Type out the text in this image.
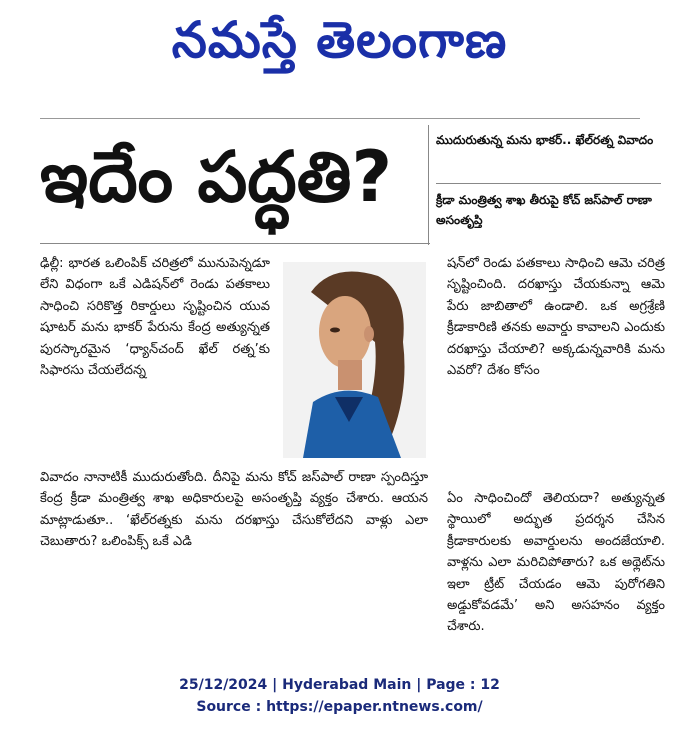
నమస్తే తెలంగాణ
ఇదేం పద్ధతి?	ముదురుతున్న మను భాకర్.. ఖేల్‌రత్న వివాదం
క్రీడా మంత్రిత్వ శాఖ తీరుపై కోచ్ జస్‌పాల్ రాణా అసంతృప్తి

ఢిల్లీ: భారత ఒలింపిక్ చరిత్రలో మునుపెన్నడూ లేని విధంగా ఒకే ఎడిషన్‌లో రెండు పతకాలు సాధించి సరికొత్త రికార్డులు సృష్టించిన యువ షూటర్ మను భాకర్ పేరును కేంద్ర అత్యున్నత పురస్కారమైన ‘ధ్యాన్‌చంద్ ఖేల్ రత్న’కు సిఫారసు చేయలేదన్న

వివాదం నానాటికీ ముదురుతోంది. దీనిపై మను కోచ్ జస్‌పాల్ రాణా స్పందిస్తూ కేంద్ర క్రీడా మంత్రిత్వ శాఖ అధికారులపై అసంతృప్తి వ్యక్తం చేశారు. ఆయన మాట్లాడుతూ.. ‘ఖేల్‌రత్నకు మను దరఖాస్తు చేసుకోలేదని వాళ్లు ఎలా చెబుతారు? ఒలింపిక్స్ ఒకే ఎడి

షన్‌లో రెండు పతకాలు సాధించి ఆమె చరిత్ర సృష్టించింది. దరఖాస్తు చేయకున్నా ఆమె పేరు జాబితాలో ఉండాలి. ఒక అగ్రశ్రేణి క్రీడాకారిణి తనకు అవార్డు కావాలని ఎందుకు దరఖాస్తు చేయాలి? అక్కడున్నవారికి మను ఎవరో? దేశం కోసం

ఏం సాధించిందో తెలియదా? అత్యున్నత స్థాయిలో అద్భుత ప్రదర్శన చేసిన క్రీడాకారులకు అవార్డులను అందజేయాలి. వాళ్లను ఎలా మరిచిపోతారు? ఒక అథ్లెట్‌ను ఇలా ట్రీట్ చేయడం ఆమె పురోగతిని అడ్డుకోవడమే’ అని అసహనం వ్యక్తం చేశారు.

25/12/2024 | Hyderabad Main | Page : 12
Source : https://epaper.ntnews.com/
